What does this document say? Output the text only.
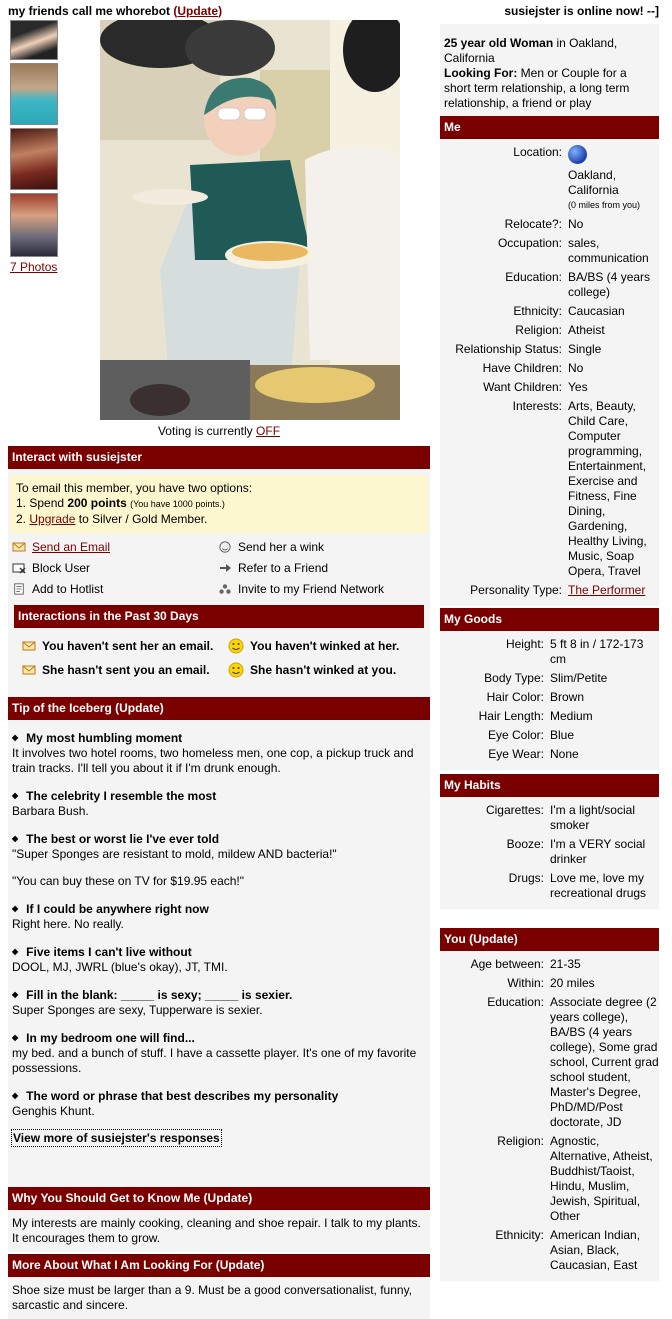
my friends call me whorebot (Update)
7 Photos
Voting is currently OFF
Interact with susiejster
To email this member, you have two options:
1. Spend 200 points (You have 1000 points.)
2. Upgrade to Silver / Gold Member.
Send an Email	Send her a wink
Block User	Refer to a Friend
Add to Hotlist	Invite to my Friend Network
Interactions in the Past 30 Days
You haven't sent her an email.	You haven't winked at her.
She hasn't sent you an email.	She hasn't winked at you.
Tip of the Iceberg (Update)
◆ My most humbling moment
It involves two hotel rooms, two homeless men, one cop, a pickup truck and train tracks. I'll tell you about it if I'm drunk enough.
◆ The celebrity I resemble the most
Barbara Bush.
◆ The best or worst lie I've ever told
"Super Sponges are resistant to mold, mildew AND bacteria!"
"You can buy these on TV for $19.95 each!"
◆ If I could be anywhere right now
Right here. No really.
◆ Five items I can't live without
DOOL, MJ, JWRL (blue's okay), JT, TMI.
◆ Fill in the blank: _____ is sexy; _____ is sexier.
Super Sponges are sexy, Tupperware is sexier.
◆ In my bedroom one will find...
my bed. and a bunch of stuff. I have a cassette player. It's one of my favorite possessions.
◆ The word or phrase that best describes my personality
Genghis Khunt.
View more of susiejster's responses
Why You Should Get to Know Me (Update)
My interests are mainly cooking, cleaning and shoe repair. I talk to my plants. It encourages them to grow.
More About What I Am Looking For (Update)
Shoe size must be larger than a 9. Must be a good conversationalist, funny, sarcastic and sincere.
susiejster is online now! --]
25 year old Woman in Oakland, California
Looking For: Men or Couple for a short term relationship, a long term relationship, a friend or play
Me
Location:
Oakland, California
(0 miles from you)
Relocate?: No
Occupation: sales, communication
Education: BA/BS (4 years college)
Ethnicity: Caucasian
Religion: Atheist
Relationship Status: Single
Have Children: No
Want Children: Yes
Interests: Arts, Beauty, Child Care, Computer programming, Entertainment, Exercise and Fitness, Fine Dining, Gardening, Healthy Living, Music, Soap Opera, Travel
Personality Type: The Performer
My Goods
Height: 5 ft 8 in / 172-173 cm
Body Type: Slim/Petite
Hair Color: Brown
Hair Length: Medium
Eye Color: Blue
Eye Wear: None
My Habits
Cigarettes: I'm a light/social smoker
Booze: I'm a VERY social drinker
Drugs: Love me, love my recreational drugs
You (Update)
Age between: 21-35
Within: 20 miles
Education: Associate degree (2 years college), BA/BS (4 years college), Some grad school, Current grad school student, Master's Degree, PhD/MD/Post doctorate, JD
Religion: Agnostic, Alternative, Atheist, Buddhist/Taoist, Hindu, Muslim, Jewish, Spiritual, Other
Ethnicity: American Indian, Asian, Black, Caucasian, East
